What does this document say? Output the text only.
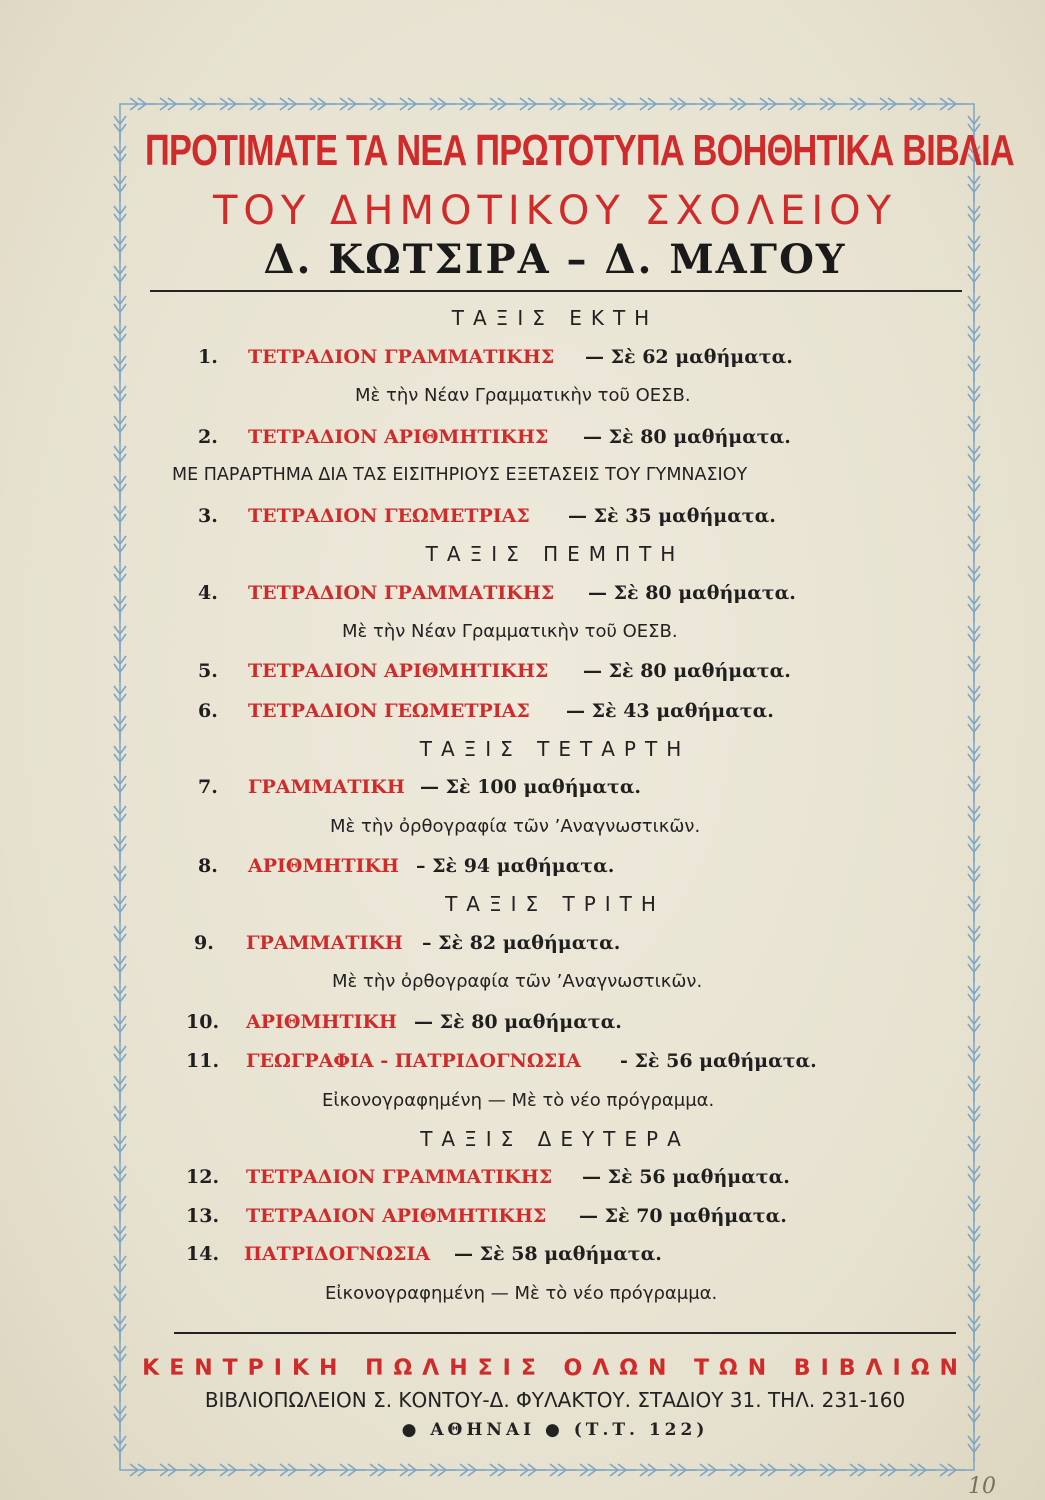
ΠΡΟΤΙΜΑΤΕ ΤΑ ΝΕΑ ΠΡΩΤΟΤΥΠΑ ΒΟΗΘΗΤΙΚΑ ΒΙΒΛΙΑ
ΤΟΥ ΔΗΜΟΤΙΚΟΥ ΣΧΟΛΕΙΟΥ
Δ. ΚΩΤΣΙΡΑ – Δ. ΜΑΓΟΥ
ΤΑΞΙΣ ΕΚΤΗ
1. ΤΕΤΡΑΔΙΟΝ ΓΡΑΜΜΑΤΙΚΗΣ — Σὲ 62 μαθήματα.
Μὲ τὴν Νέαν Γραμματικὴν τοῦ ΟΕΣΒ.
2. ΤΕΤΡΑΔΙΟΝ ΑΡΙΘΜΗΤΙΚΗΣ — Σὲ 80 μαθήματα.
ΜΕ ΠΑΡΑΡΤΗΜΑ ΔΙΑ ΤΑΣ ΕΙΣΙΤΗΡΙΟΥΣ ΕΞΕΤΑΣΕΙΣ ΤΟΥ ΓΥΜΝΑΣΙΟΥ
3. ΤΕΤΡΑΔΙΟΝ ΓΕΩΜΕΤΡΙΑΣ — Σὲ 35 μαθήματα.
ΤΑΞΙΣ ΠΕΜΠΤΗ
4. ΤΕΤΡΑΔΙΟΝ ΓΡΑΜΜΑΤΙΚΗΣ — Σὲ 80 μαθήματα.
Μὲ τὴν Νέαν Γραμματικὴν τοῦ ΟΕΣΒ.
5. ΤΕΤΡΑΔΙΟΝ ΑΡΙΘΜΗΤΙΚΗΣ — Σὲ 80 μαθήματα.
6. ΤΕΤΡΑΔΙΟΝ ΓΕΩΜΕΤΡΙΑΣ — Σὲ 43 μαθήματα.
ΤΑΞΙΣ ΤΕΤΑΡΤΗ
7. ΓΡΑΜΜΑΤΙΚΗ — Σὲ 100 μαθήματα.
Μὲ τὴν ὀρθογραφία τῶν ’Αναγνωστικῶν.
8. ΑΡΙΘΜΗΤΙΚΗ – Σὲ 94 μαθήματα.
ΤΑΞΙΣ ΤΡΙΤΗ
9. ΓΡΑΜΜΑΤΙΚΗ – Σὲ 82 μαθήματα.
Μὲ τὴν ὀρθογραφία τῶν ’Αναγνωστικῶν.
10. ΑΡΙΘΜΗΤΙΚΗ — Σὲ 80 μαθήματα.
11. ΓΕΩΓΡΑΦΙΑ - ΠΑΤΡΙΔΟΓΝΩΣΙΑ - Σὲ 56 μαθήματα.
Εἰκονογραφημένη — Μὲ τὸ νέο πρόγραμμα.
ΤΑΞΙΣ ΔΕΥΤΕΡΑ
12. ΤΕΤΡΑΔΙΟΝ ΓΡΑΜΜΑΤΙΚΗΣ — Σὲ 56 μαθήματα.
13. ΤΕΤΡΑΔΙΟΝ ΑΡΙΘΜΗΤΙΚΗΣ — Σὲ 70 μαθήματα.
14. ΠΑΤΡΙΔΟΓΝΩΣΙΑ — Σὲ 58 μαθήματα.
Εἰκονογραφημένη — Μὲ τὸ νέο πρόγραμμα.
ΚΕΝΤΡΙΚΗ ΠΩΛΗΣΙΣ ΟΛΩΝ ΤΩΝ ΒΙΒΛΙΩΝ
ΒΙΒΛΙΟΠΩΛΕΙΟΝ Σ. ΚΟΝΤΟΥ-Δ. ΦΥΛΑΚΤΟΥ. ΣΤΑΔΙΟΥ 31. ΤΗΛ. 231-160
● ΑΘΗΝΑΙ ● (Τ.Τ. 122)
10
